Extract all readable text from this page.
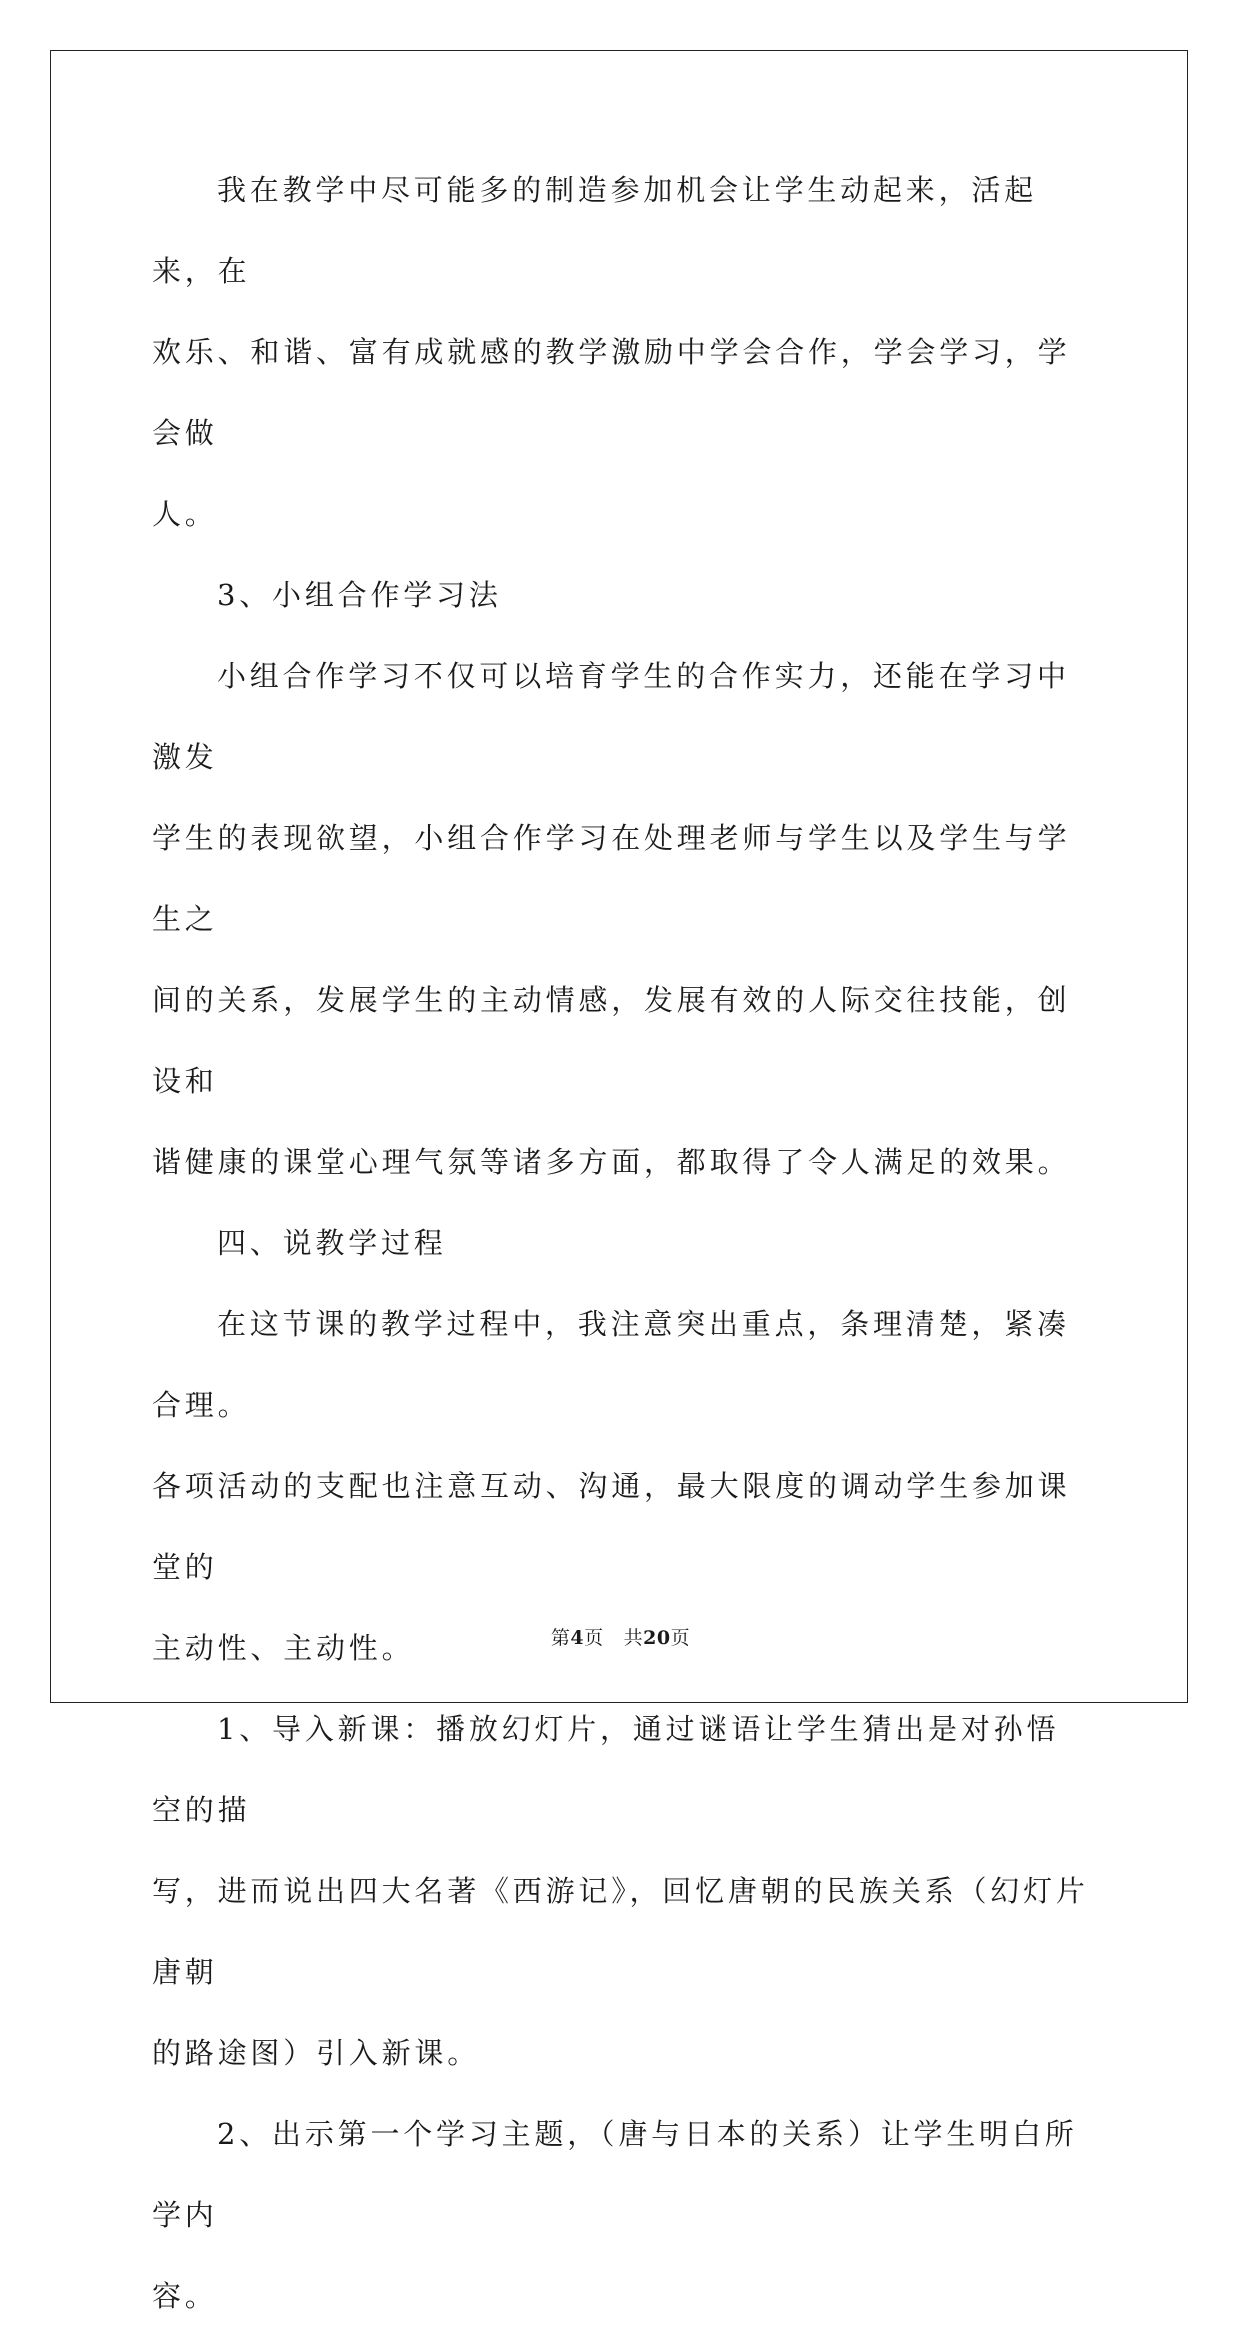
我在教学中尽可能多的制造参加机会让学生动起来，活起来，在
欢乐、和谐、富有成就感的教学激励中学会合作，学会学习，学会做
人。

3、小组合作学习法

小组合作学习不仅可以培育学生的合作实力，还能在学习中激发
学生的表现欲望，小组合作学习在处理老师与学生以及学生与学生之
间的关系，发展学生的主动情感，发展有效的人际交往技能，创设和
谐健康的课堂心理气氛等诸多方面，都取得了令人满足的效果。

四、说教学过程

在这节课的教学过程中，我注意突出重点，条理清楚，紧凑合理。
各项活动的支配也注意互动、沟通，最大限度的调动学生参加课堂的
主动性、主动性。

1、导入新课：播放幻灯片，通过谜语让学生猜出是对孙悟空的描
写，进而说出四大名著《西游记》，回忆唐朝的民族关系（幻灯片唐朝
的路途图）引入新课。

2、出示第一个学习主题，（唐与日本的关系）让学生明白所学内
容。

第4页 共20页
